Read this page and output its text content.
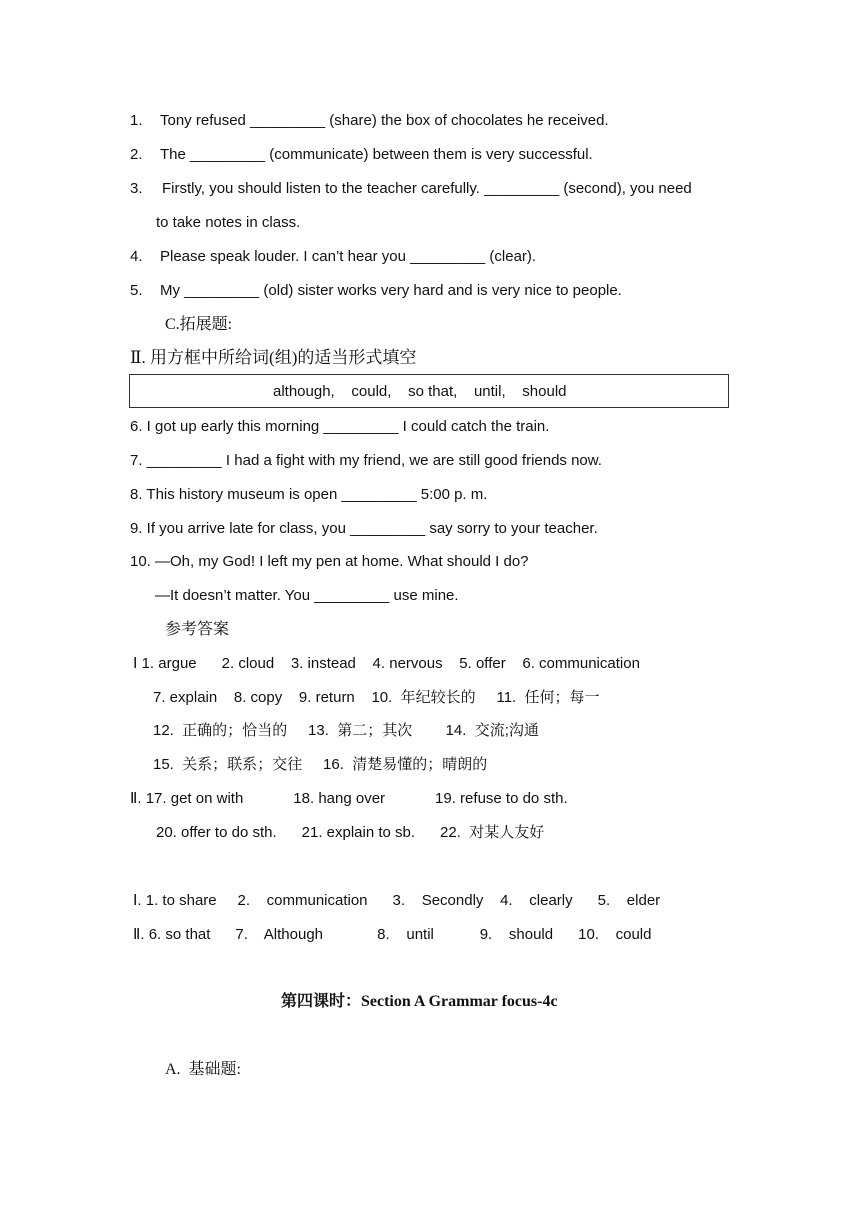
1. Tony refused _________ (share) the box of chocolates he received.
2. The _________ (communicate) between them is very successful.
3. Firstly, you should listen to the teacher carefully. _________ (second), you need
to take notes in class.
4. Please speak louder. I can’t hear you _________ (clear).
5. My _________ (old) sister works very hard and is very nice to people.
C.拓展题:
Ⅱ. 用方框中所给词(组)的适当形式填空
although,    could,    so that,    until,    should
6. I got up early this morning _________ I could catch the train.
7. _________ I had a fight with my friend, we are still good friends now.
8. This history museum is open _________ 5:00 p. m.
9. If you arrive late for class, you _________ say sorry to your teacher.
10. —Oh, my God! I left my pen at home. What should I do?
—It doesn’t matter. You _________ use mine.
参考答案
Ⅰ 1. argue      2. cloud    3. instead    4. nervous    5. offer    6. communication
7. explain    8. copy    9. return    10.  年纪较长的     11.  任何；每一
12.  正确的；恰当的     13.  第二；其次        14.  交流;沟通
15.  关系；联系；交往     16.  清楚易懂的；晴朗的
Ⅱ. 17. get on with            18. hang over            19. refuse to do sth.
20. offer to do sth.      21. explain to sb.      22.  对某人友好
Ⅰ. 1. to share     2.    communication      3.    Secondly    4.    clearly      5.    elder
Ⅱ. 6. so that      7.    Although             8.    until           9.    should      10.    could
第四课时：Section A Grammar focus-4c
A.  基础题:
